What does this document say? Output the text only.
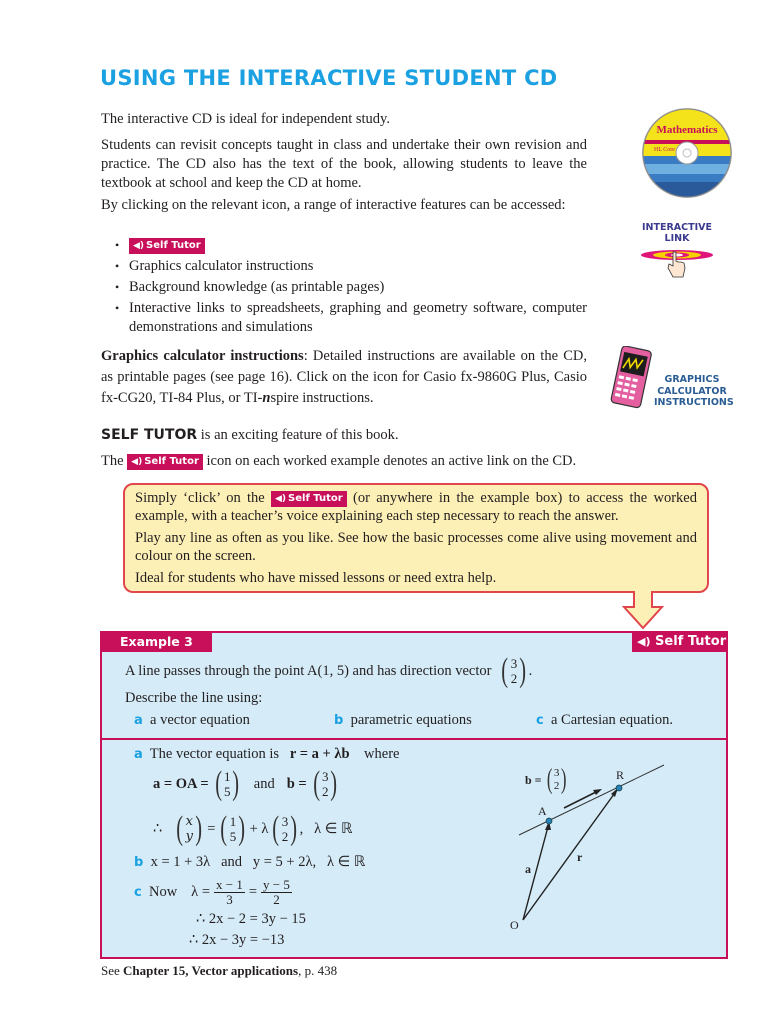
USING THE INTERACTIVE STUDENT CD
The interactive CD is ideal for independent study.
Students can revisit concepts taught in class and undertake their own revision and practice. The CD also has the text of the book, allowing students to leave the textbook at school and keep the CD at home.
By clicking on the relevant icon, a range of interactive features can be accessed:
• ◀) Self Tutor
• Graphics calculator instructions
• Background knowledge (as printable pages)
• Interactive links to spreadsheets, graphing and geometry software, computer demonstrations and simulations
Graphics calculator instructions: Detailed instructions are available on the CD, as printable pages (see page 16). Click on the icon for Casio fx-9860G Plus, Casio fx-CG20, TI-84 Plus, or TI-nspire instructions.
SELF TUTOR is an exciting feature of this book.
The ◀) Self Tutor icon on each worked example denotes an active link on the CD.
Mathematics
HL Core
INTERACTIVE
LINK
GRAPHICS
CALCULATOR
INSTRUCTIONS

Simply ‘click’ on the ◀) Self Tutor (or anywhere in the example box) to access the worked example, with a teacher’s voice explaining each step necessary to reach the answer.

Play any line as often as you like. See how the basic processes come alive using movement and colour on the screen.

Ideal for students who have missed lessons or need extra help.

Example 3	◀) Self Tutor
A line passes through the point A(1, 5) and has direction vector ( 3
2 ) .
Describe the line using:
a a vector equation	b parametric equations	c a Cartesian equation.
a The vector equation is r = a + λb where
a = OA = ( 1
5 ) and b = ( 3
2 )
∴ ( x
y ) = ( 1
5 ) + λ ( 3
2 ) , λ ∈ ℝ
b x = 1 + 3λ   and   y = 5 + 2λ,   λ ∈ ℝ
c
Now $\lambda = \frac{x - 1}{3} = \frac{y - 5}{2}$
∴ 2x − 2 = 3y − 15
∴ 2x − 3y = −13
b = ( 3
2 )
A
R
O
a
r
See Chapter 15, Vector applications, p. 438
